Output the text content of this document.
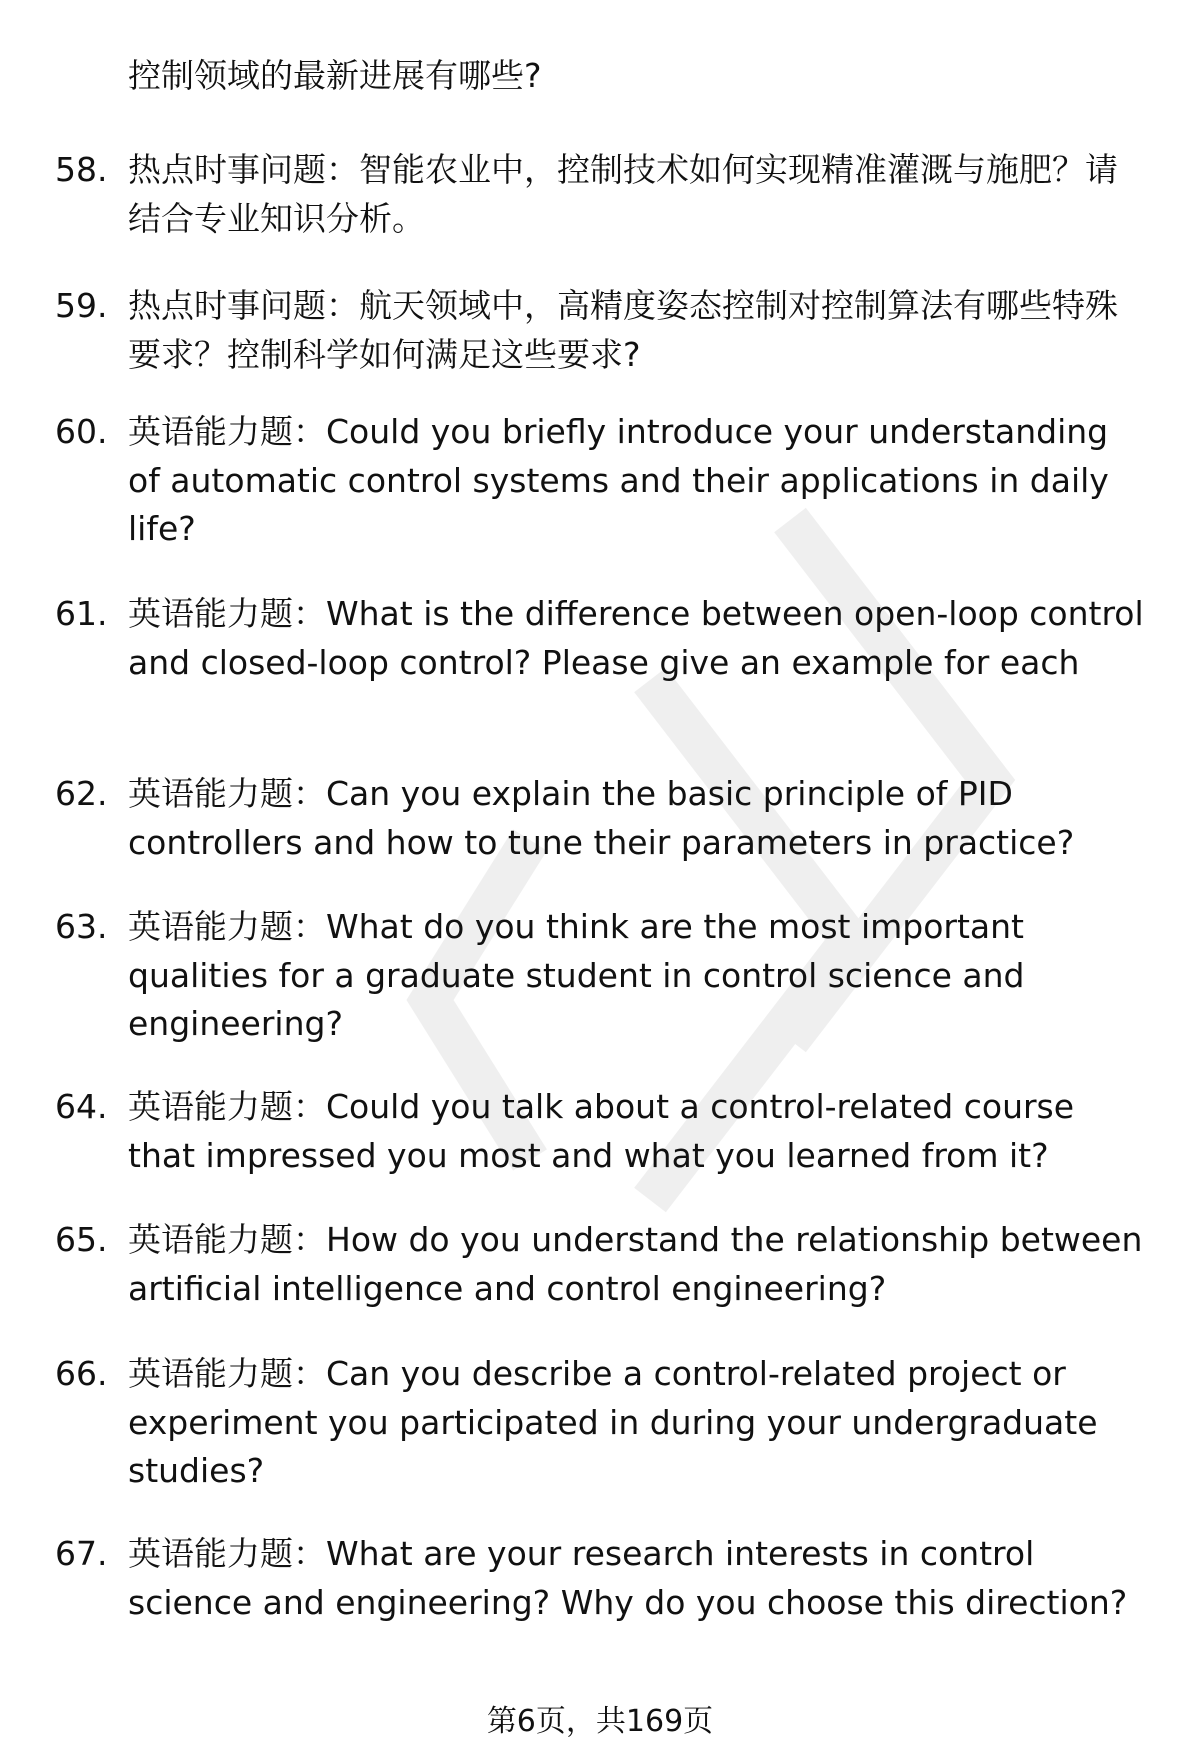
控制领域的最新进展有哪些?
58. 热点时事问题：智能农业中，控制技术如何实现精准灌溉与施肥？请结合专业知识分析。
59. 热点时事问题：航天领域中，高精度姿态控制对控制算法有哪些特殊要求？控制科学如何满足这些要求?
60. 英语能力题：Could you briefly introduce your understanding of automatic control systems and their applications in daily life?
61. 英语能力题：What is the difference between open-loop control and closed-loop control? Please give an example for each
62. 英语能力题：Can you explain the basic principle of PID controllers and how to tune their parameters in practice?
63. 英语能力题：What do you think are the most important qualities for a graduate student in control science and engineering?
64. 英语能力题：Could you talk about a control-related course that impressed you most and what you learned from it?
65. 英语能力题：How do you understand the relationship between artificial intelligence and control engineering?
66. 英语能力题：Can you describe a control-related project or experiment you participated in during your undergraduate studies?
67. 英语能力题：What are your research interests in control science and engineering? Why do you choose this direction?
第6页，共169页
